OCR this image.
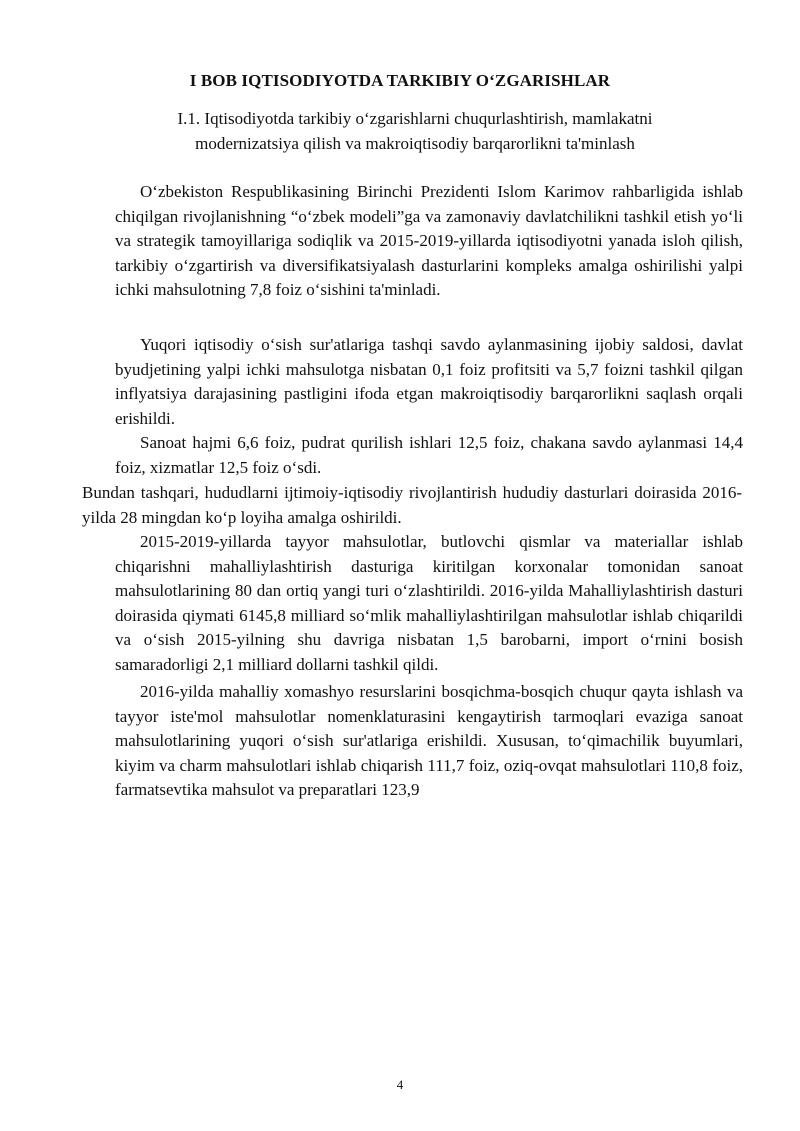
I BOB IQTISODIYOTDA TARKIBIY O‘ZGARISHLAR
I.1. Iqtisodiyotda tarkibiy o‘zgarishlarni chuqurlashtirish, mamlakatni modernizatsiya qilish va makroiqtisodiy barqarorlikni ta'minlash

O‘zbekiston Respublikasining Birinchi Prezidenti Islom Karimov rahbarligida ishlab chiqilgan rivojlanishning “o‘zbek modeli”ga va zamonaviy davlatchilikni tashkil etish yo‘li va strategik tamoyillariga sodiqlik va 2015-2019-yillarda iqtisodiyotni yanada isloh qilish, tarkibiy o‘zgartirish va diversifikatsiyalash dasturlarini kompleks amalga oshirilishi yalpi ichki mahsulotning 7,8 foiz o‘sishini ta'minladi.

Yuqori iqtisodiy o‘sish sur'atlariga tashqi savdo aylanmasining ijobiy saldosi, davlat byudjetining yalpi ichki mahsulotga nisbatan 0,1 foiz profitsiti va 5,7 foizni tashkil qilgan inflyatsiya darajasining pastligini ifoda etgan makroiqtisodiy barqarorlikni saqlash orqali erishildi.

Sanoat hajmi 6,6 foiz, pudrat qurilish ishlari 12,5 foiz, chakana savdo aylanmasi 14,4 foiz, xizmatlar 12,5 foiz o‘sdi.

Bundan tashqari, hududlarni ijtimoiy-iqtisodiy rivojlantirish hududiy dasturlari doirasida 2016-yilda 28 mingdan ko‘p loyiha amalga oshirildi.

2015-2019-yillarda tayyor mahsulotlar, butlovchi qismlar va materiallar ishlab chiqarishni mahalliylashtirish dasturiga kiritilgan korxonalar tomonidan sanoat mahsulotlarining 80 dan ortiq yangi turi o‘zlashtirildi. 2016-yilda Mahalliylashtirish dasturi doirasida qiymati 6145,8 milliard so‘mlik mahalliylashtirilgan mahsulotlar ishlab chiqarildi va o‘sish 2015-yilning shu davriga nisbatan 1,5 barobarni, import o‘rnini bosish samaradorligi 2,1 milliard dollarni tashkil qildi.

2016-yilda mahalliy xomashyo resurslarini bosqichma-bosqich chuqur qayta ishlash va tayyor iste'mol mahsulotlar nomenklaturasini kengaytirish tarmoqlari evaziga sanoat mahsulotlarining yuqori o‘sish sur'atlariga erishildi. Xususan, to‘qimachilik buyumlari, kiyim va charm mahsulotlari ishlab chiqarish 111,7 foiz, oziq-ovqat mahsulotlari 110,8 foiz, farmatsevtika mahsulot va preparatlari 123,9

4
